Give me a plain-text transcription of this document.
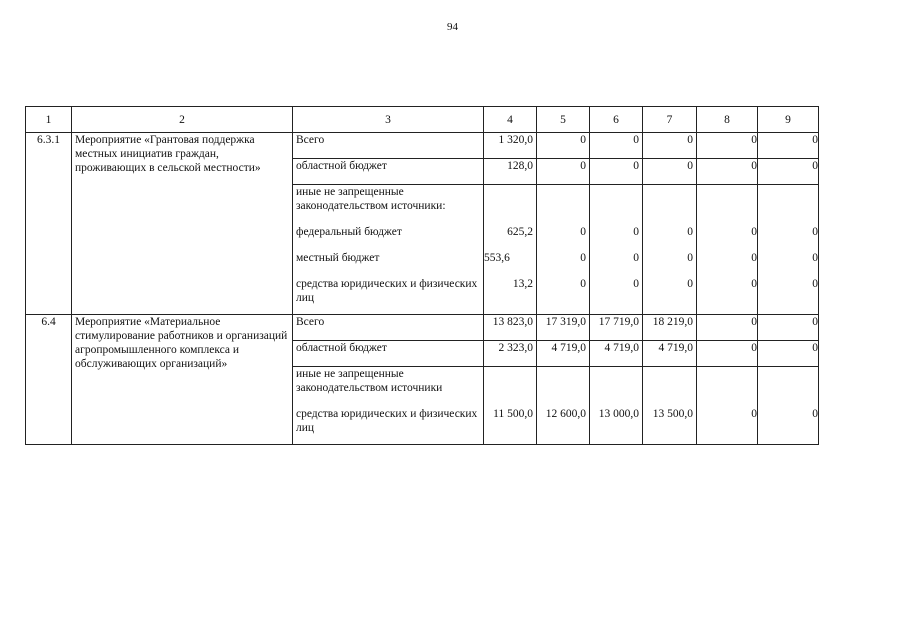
94
1	2	3	4	5	6	7	8	9
6.3.1	Мероприятие «Грантовая поддержка местных инициатив граждан, проживающих в сельской местности»	Всего	1 320,0	0	0	0	0	0
		областной бюджет	128,0	0	0	0	0	0
		иные не запрещенные законодательством источники:						
		федеральный бюджет	625,2	0	0	0	0	0
		местный бюджет	553,6	0	0	0	0	0
		средства юридических и физических лиц	13,2	0	0	0	0	0
6.4	Мероприятие «Материальное стимулирование работников и организаций агропромышленного комплекса и обслуживающих организаций»	Всего	13 823,0	17 319,0	17 719,0	18 219,0	0	0
		областной бюджет	2 323,0	4 719,0	4 719,0	4 719,0	0	0
		иные не запрещенные законодательством источники						
		средства юридических и физических лиц	11 500,0	12 600,0	13 000,0	13 500,0	0	0
